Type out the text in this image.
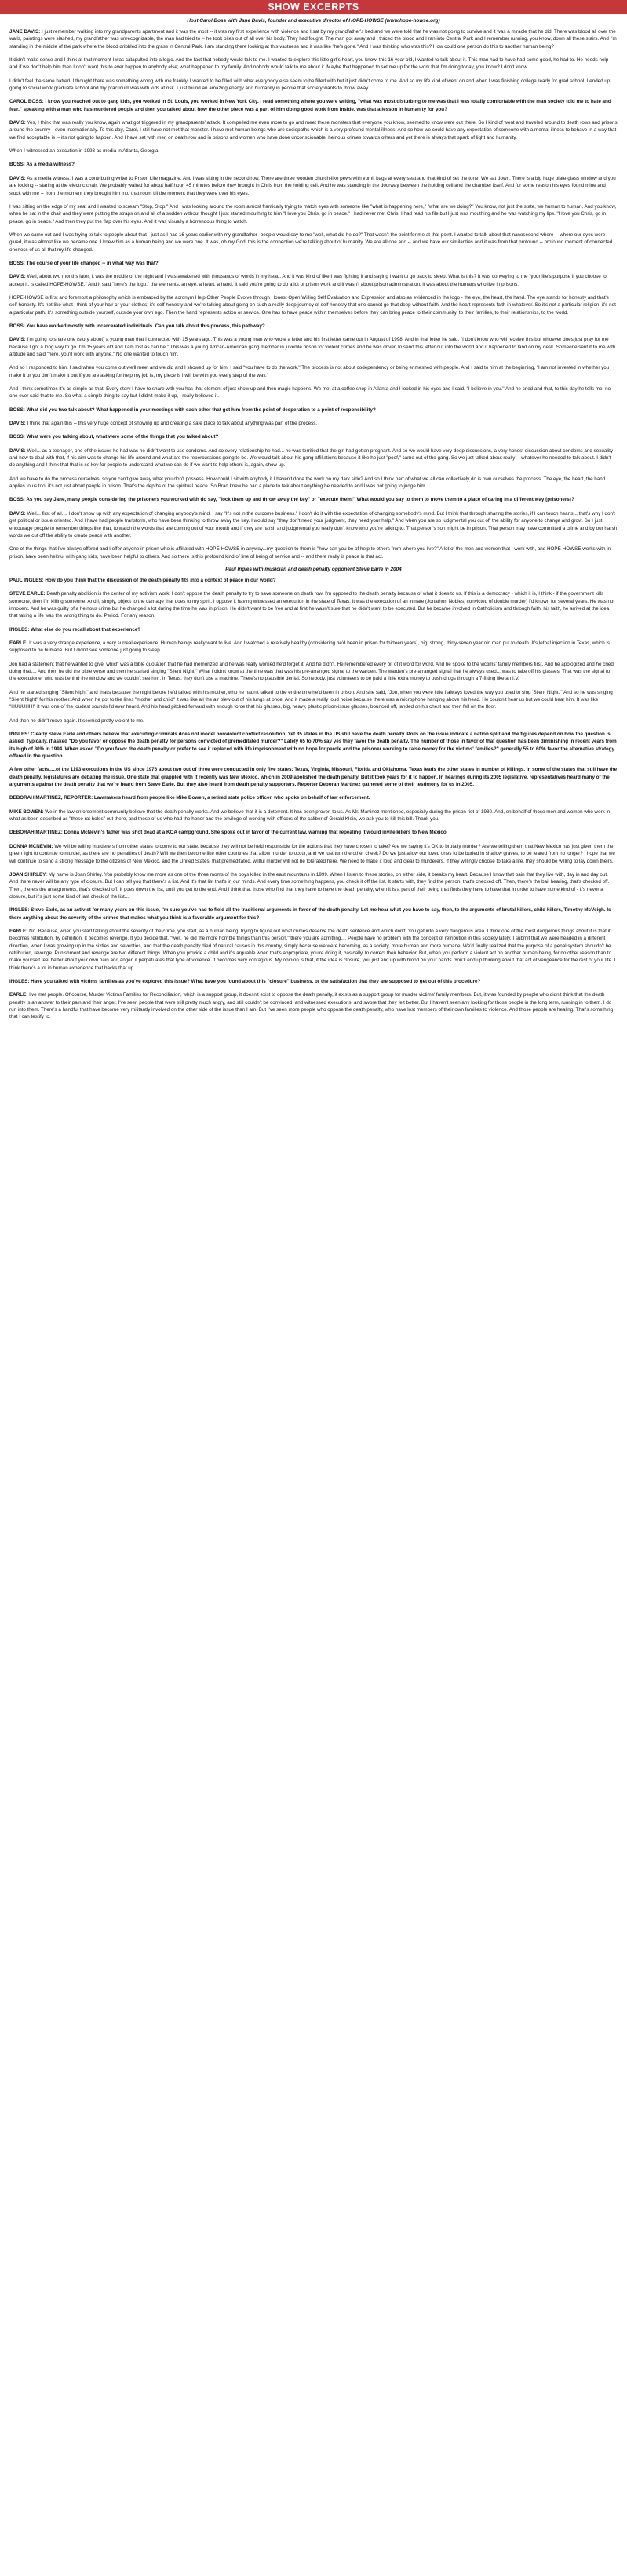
SHOW EXCERPTS
Host Carol Boss with Jane Davis, founder and executive director of HOPE-HOWSE (www.hope-howse.org)

JANE DAVIS: I just remember walking into my grandparents apartment and it was the most -- it was my first experience with violence and I sat by my grandfather's bed and we were told that he was not going to survive and it was a miracle that he did. There was blood all over the walls, paintings were slashed, my grandfather was unrecognizable, the man had tried to -- he took bites out of all over his body. They had fought. The man got away and I traced the blood and I ran into Central Park and I remember running, you know, down all these stairs. And I'm standing in the middle of the park where the blood dribbled into the grass in Central Park. I am standing there looking at this vastness and it was like "he's gone." And I was thinking who was this? How could one person do this to another human being?

It didn't make sense and I think at that moment I was catapulted into a logic. And the fact that nobody would talk to me. I wanted to explore this little girl's heart, you know, this 16 year old, I wanted to talk about it. This man had to have had some good, he had to. He needs help and if we don't help him then I don't want this to ever happen to anybody else; what happened to my family. And nobody would talk to me about it. Maybe that happened to set me up for the work that I'm doing today, you know? I don't know.

I didn't feel the same hatred. I thought there was something wrong with me frankly. I wanted to be filled with what everybody else seem to be filled with but it just didn't come to me. And so my life kind of went on and when I was finishing college ready for grad school, I ended up going to social work graduate school and my practicum was with kids at risk. I just found an amazing energy and humanity in people that society wants to throw away.

CAROL BOSS: I know you reached out to gang kids, you worked in St. Louis, you worked in New York City. I read something where you were writing, "what was most disturbing to me was that I was totally comfortable with the man society told me to hate and fear," speaking with a man who has murdered people and then you talked about how the other piece was a part of him doing good work from inside, was that a lesson in humanity for you?

DAVIS: Yes, I think that was really you know, again what got triggered in my grandparents' attack. It compelled me even more to go and meet these monsters that everyone you know, seemed to know were out there. So I kind of went and traveled around to death rows and prisons around the country - even internationally. To this day, Carol, I still have not met that monster. I have met human beings who are sociopaths which is a very profound mental illness. And so how we could have any expectation of someone with a mental illness to behave in a way that we find acceptable is -- it's not going to happen. And I have sat with men on death row and in prisons and women who have done unconscionable, heinous crimes towards others and yet there is always that spark of light and humanity.

When I witnessed an execution in 1993 as media in Atlanta, Georgia.

BOSS: As a media witness?

DAVIS: As a media witness. I was a contributing writer to Prison Life magazine. And I was sitting in the second row. There are three wooden church-like pews with vomit bags at every seat and that kind of set the tone. We sat down. There is a big huge plate-glass window and you are looking -- staring at the electric chair. We probably waited for about half hour, 45 minutes before they brought in Chris from the holding cell. And he was standing in the doorway between the holding cell and the chamber itself. And for some reason his eyes found mine and stuck with me -- from the moment they brought him into that room till the moment that they were over his eyes.

I was sitting on the edge of my seat and I wanted to scream "Stop, Stop." And I was looking around the room almost frantically trying to match eyes with someone like "what is happening here," "what are we doing?" You know, not just the state, we human to human. And you know, when he sat in the chair and they were putting the straps on and all of a sudden without thought I just started mouthing to him "I love you Chris, go in peace." I had never met Chris, I had read his file but I just was mouthing and he was watching my lips. "I love you Chris, go in peace, go in peace." And then they put the flap over his eyes. And it was visually a horrendous thing to watch.

When we came out and I was trying to talk to people about that - just as I had 16 years earlier with my grandfather- people would say to me "well, what did he do?" That wasn't the point for me at that point. I wanted to talk about that nanosecond where -- where our eyes were glued, it was almost like we became one. I knew him as a human being and we were one. It was, oh my God, this is the connection we're talking about of humanity. We are all one and -- and we have our similarities and it was from that profound -- profound moment of connected oneness of us all that my life changed.

BOSS: The course of your life changed -- in what way was that?

DAVIS: Well, about two months later, it was the middle of the night and I was awakened with thousands of words in my head. And it was kind of like I was fighting it and saying I want to go back to sleep. What is this? It was conveying to me "your life's purpose if you choose to accept it, is called HOPE-HOWSE." And it said "here's the logo," the elements, an eye, a heart, a hand. It said you're going to do a lot of prison work and it wasn't about prison administration, it was about the humans who live in prisons.

HOPE-HOWSE is first and foremost a philosophy which is embraced by the acronym Help Other People Evolve through Honest Open Willing Self Evaluation and Expression and also as evidenced in the logo - the eye, the heart, the hand. The eye stands for honesty and that's self honesty. It's not like what I think of your hair or your clothes; it's self honesty and we're talking about going on such a really deep journey of self honesty that one cannot go that deep without faith. And the heart represents faith in whatever. So it's not a particular religion, it's not a particular path. It's something outside yourself, outside your own ego. Then the hand represents action or service. One has to have peace within themselves before they can bring peace to their community, to their families, to their relationships, to the world.

BOSS: You have worked mostly with incarcerated individuals. Can you talk about this process, this pathway?

DAVIS: I'm going to share one (story about) a young man that I connected with 15 years ago. This was a young man who wrote a letter and his first letter came out in August of 1998. And in that letter he said, "I don't know who will receive this but whoever does just pray for me because I got a long way to go. I'm 15 years old and I am lost as can be." This was a young African-American gang member in juvenile prison for violent crimes and he was driven to send this letter out into the world and it happened to land on my desk. Someone sent it to me with attitude and said "here, you'll work with anyone." No one wanted to touch him.

And so I responded to him. I said when you come out we'll meet and we did and I showed up for him. I said "you have to do the work." The process is not about codependency or being enmeshed with people. And I said to him at the beginning, "I am not invested in whether you make it or you don't make it but if you are asking for help my job is, my piece is I will be with you every step of the way."

And I think sometimes it's as simple as that. Every story I have to share with you has that element of just show up and then magic happens. We met at a coffee shop in Atlanta and I looked in his eyes and I said, "I believe in you." And he cried and that, to this day he tells me, no one ever said that to me. So what a simple thing to say but I didn't make it up, I really believed it.

BOSS: What did you two talk about? What happened in your meetings with each other that got him from the point of desperation to a point of responsibility?

DAVIS: I think that again this -- this very huge concept of showing up and creating a safe place to talk about anything was part of the process.

BOSS: What were you talking about, what were some of the things that you talked about?

DAVIS: Well... as a teenager, one of the issues he had was he didn't want to use condoms. And so every relationship he had... he was terrified that the girl had gotten pregnant. And so we would have very deep discussions, a very honest discussion about condoms and sexuality and how to deal with that, if his aim was to change his life around and what are the repercussions going to be. We would talk about his gang affiliations because it like he just "poof," came out of the gang. So we just talked about really -- whatever he needed to talk about. I didn't do anything and I think that that is so key for people to understand what we can do if we want to help others is, again, show up.

And we have to do the process ourselves, so you can't give away what you don't possess. How could I sit with anybody if I haven't done the work on my dark side? And so I think part of what we all can collectively do is own ourselves the process. The eye, the heart, the hand applies to us too, it's not just about people in prison. That's the depths of the spiritual peace. So Brad knew he had a place to talk about anything he needed to and I was not going to judge him.

BOSS: As you say Jane, many people considering the prisoners you worked with do say, "lock them up and throw away the key" or "execute them!" What would you say to them to move them to a place of caring in a different way (prisoners)?

DAVIS: Well... first of all.... I don't show up with any expectation of changing anybody's mind. I say "It's not in the outcome business." I don't do it with the expectation of changing somebody's mind. But I think that through sharing the stories, if I can touch hearts... that's why I don't get political or issue oriented. And I have had people transform, who have been thinking to throw away the key. I would say "they don't need your judgment, they need your help." And when you are so judgmental you cut off the ability for anyone to change and grow. So I just encourage people to remember things like that, to watch the words that are coming out of your mouth and if they are harsh and judgmental you really don't know who you're talking to. That person's son might be in prison. That person may have committed a crime and by our harsh words we cut off the ability to create peace with another.

One of the things that I've always offered and I offer anyone in prison who is affiliated with HOPE-HOWSE in anyway...my question to them is "how can you be of help to others from where you live?" A lot of the men and women that I work with, and HOPE-HOWSE works with in prison, have been helpful with gang kids, have been helpful to others. And so there is this profound kind of line of being of service and -- and there really is peace in that act.

Paul Ingles with musician and death penalty opponent Steve Earle in 2004

PAUL INGLES: How do you think that the discussion of the death penalty fits into a context of peace in our world?

STEVE EARLE: Death penalty abolition is the center of my activism work. I don't oppose the death penalty to try to save someone on death row. I'm opposed to the death penalty because of what it does to us. If this is a democracy - which it is, I think - if the government kills someone, then I'm killing someone. And I, simply, object to the damage that does to my spirit. I oppose it having witnessed an execution in the state of Texas. It was the execution of an inmate (Jonathon Nobles, convicted of double murder) I'd known for several years. He was not innocent. And he was guilty of a heinous crime but he changed a lot during the time he was in prison. He didn't want to be free and at first he wasn't sure that he didn't want to be executed. But he became involved in Catholicism and through faith, his faith, he arrived at the idea that taking a life was the wrong thing to do. Period. For any reason.

INGLES: What else do you recall about that experience?

EARLE: It was a very strange experience, a very surreal experience. Human beings really want to live. And I watched a relatively healthy (considering he'd been in prison for thirteen years), big, strong, thirty-seven year old man put to death. It's lethal injection in Texas, which is supposed to be humane. But I didn't see someone just going to sleep.

Jon had a statement that he wanted to give, which was a bible quotation that he had memorized and he was really worried he'd forget it. And he didn't. He remembered every bit of it word for word. And he spoke to the victims' family members first. And he apologized and he cried doing that.... And then he did the bible verse and then he started singing "Silent Night." What I didn't know at the time was that was his pre-arranged signal to the warden. The warden's pre-arranged signal that he always used... was to take off his glasses. That was the signal to the executioner who was behind the window and we couldn't see him. In Texas, they don't use a machine. There's no plausible denial. Somebody, just volunteers to be paid a little extra money to push drugs through a 7-fitting like an I.V.

And he started singing "Silent Night" and that's because the night before he'd talked with his mother, who he hadn't talked to the entire time he'd been in prison. And she said, "Jon, when you were little I always loved the way you used to sing 'Silent Night.'" And so he was singing "Silent Night" for his mother. And when he got to the lines "mother and child" it was like all the air blew out of his lungs at once. And it made a really loud noise because there was a microphone hanging above his head. He couldn't hear us but we could hear him. It was like "HUUUHH!" It was one of the loudest sounds I'd ever heard. And his head pitched forward with enough force that his glasses, big, heavy, plastic prison-issue glasses, bounced off, landed on his chest and then fell on the floor.

And then he didn't move again. It seemed pretty violent to me.

INGLES: Clearly Steve Earle and others believe that executing criminals does not model nonviolent conflict resolution. Yet 35 states in the US still have the death penalty. Polls on the issue indicate a nation split and the figures depend on how the question is asked. Typically, if asked "Do you favor or oppose the death penalty for persons convicted of premeditated murder?" Lately 65 to 70% say yes they favor the death penalty. The number of those in favor of that question has been diminishing in recent years from its high of 80% in 1994. When asked "Do you favor the death penalty or prefer to see it replaced with life imprisonment with no hope for parole and the prisoner working to raise money for the victims' families?" generally 55 to 60% favor the alternative strategy offered in the question.

A few other facts.....of the 1193 executions in the US since 1976 about two out of three were conducted in only five states: Texas, Virginia, Missouri, Florida and Oklahoma. Texas leads the other states in number of killings. In some of the states that still have the death penalty, legislatures are debating the issue. One state that grappled with it recently was New Mexico, which in 2009 abolished the death penalty. But it took years for it to happen. In hearings during its 2005 legislative, representatives heard many of the arguments against the death penalty that we're heard from Steve Earle. But they also heard from death penalty supporters. Reporter Deborah Martinez gathered some of their testimony for us in 2005.

DEBORAH MARTINEZ, REPORTER: Lawmakers heard from people like Mike Bowen, a retired state police officer, who spoke on behalf of law enforcement.

MIKE BOWEN: We in the law enforcement community believe that the death penalty works. And we believe that it is a deterrent. It has been proven to us. As Mr. Martinez mentioned, especially during the prison riot of 1980. And, on behalf of those men and women who work in what as been described as "these rat holes" out there, and those of us who had the honor and the privilege of working with officers of the caliber of Gerald Klein, we ask you to kill this bill. Thank you.

DEBORAH MARTINEZ: Donna McNevin's father was shot dead at a KOA campground. She spoke out in favor of the current law, warning that repealing it would invite killers to New Mexico.

DONNA MCNEVIN: We will be telling murderers from other states to come to our state, because they will not be held responsible for the actions that they have chosen to take? Are we saying it's OK to brutally murder? Are we telling them that New Mexico has just given them the green light to continue to murder, as there are no penalties of death? Will we then become like other countries that allow murder to occur, and we just turn the other cheek? Do we just allow our loved ones to be buried in shallow graves, to be feared from no longer? I hope that we will continue to send a strong message to the citizens of New Mexico, and the United States, that premeditated, willful murder will not be tolerated here. We need to make it loud and clear to murderers. If they willingly choose to take a life, they should be willing to lay down theirs.

JOAN SHIRLEY: My name is Joan Shirley. You probably know me more as one of the three moms of the boys killed in the east mountains in 1999. When I listen to these stories, on either side, it breaks my heart. Because I know that pain that they live with, day in and day out. And there never will be any type of closure. But I can tell you that there's a list. And it's that list that's in our minds. And every time something happens, you check it off the list. It starts with, they find the person, that's checked off. Then, there's the bail hearing, that's checked off. Then, there's the arraignments; that's checked off. It goes down the list, until you get to the end. And I think that those who find that they have to have the death penalty, when it is a part of their being that finds they have to have that in order to have some kind of - it's never a closure, but it's just some kind of last check of the list....

INGLES: Steve Earle, as an activist for many years on this issue, I'm sure you've had to field all the traditional arguments in favor of the death penalty. Let me hear what you have to say, then, to the arguments of brutal killers, child killers, Timothy McVeigh. Is there anything about the severity of the crimes that makes what you think is a favorable argument for this?

EARLE: No. Because, when you start talking about the severity of the crime, you start, as a human being, trying to figure out what crimes deserve the death sentence and which don't. You get into a very dangerous area. I think one of the most dangerous things about it is that it becomes retribution, by definition. It becomes revenge. If you decide that, "well, he did the more horrible things than this person," there you are admitting.... People have no problem with the concept of retribution in this society lately. I submit that we were headed in a different direction, when I was growing up in the sixties and seventies, and that the death penalty died of natural causes in this country, simply because we were becoming, as a society, more human and more humane. We'd finally realized that the purpose of a penal system shouldn't be retribution, revenge. Punishment and revenge are two different things. When you provide a child and it's arguable when that's appropriate, you're doing it, basically, to correct their behavior. But, when you perform a violent act on another human being, for no other reason than to make yourself feel better about your own pain and anger, it perpetuates that type of violence. It becomes very contagious. My opinion is that, if the idea is closure, you just end up with blood on your hands. You'll end up thinking about that act of vengeance for the rest of your life. I think there's a lot in human experience that backs that up.

INGLES: Have you talked with victims families as you've explored this issue? What have you found about this "closure" business, or the satisfaction that they are supposed to get out of this procedure?

EARLE: I've met people. Of course, Murder Victims Families for Reconciliation, which is a support group, it doesn't exist to oppose the death penalty, it exists as a support group for murder victims' family members. But, it was founded by people who didn't think that the death penalty is an answer to their pain and their anger. I've seen people that were still pretty much angry, and still couldn't be convinced, and witnessed executions, and swore that they felt better. But I haven't seen any looking for those people in the long term, running in to them. I do run into them. There's a handful that have become very militantly involved on the other side of the issue than I am. But I've seen more people who oppose the death penalty, who have lost members of their own families to violence. And those people are healing. That's something that I can testify to.
